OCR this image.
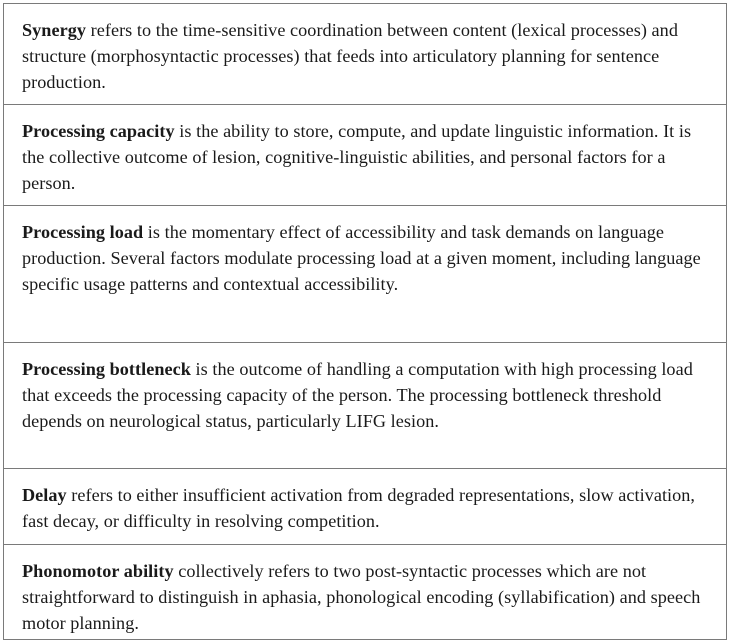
Synergy refers to the time-sensitive coordination between content (lexical processes) and structure (morphosyntactic processes) that feeds into articulatory planning for sentence production.
Processing capacity is the ability to store, compute, and update linguistic information. It is the collective outcome of lesion, cognitive-linguistic abilities, and personal factors for a person.
Processing load is the momentary effect of accessibility and task demands on language production. Several factors modulate processing load at a given moment, including language specific usage patterns and contextual accessibility.
Processing bottleneck is the outcome of handling a computation with high processing load that exceeds the processing capacity of the person. The processing bottleneck threshold depends on neurological status, particularly LIFG lesion.
Delay refers to either insufficient activation from degraded representations, slow activation, fast decay, or difficulty in resolving competition.
Phonomotor ability collectively refers to two post-syntactic processes which are not straightforward to distinguish in aphasia, phonological encoding (syllabification) and speech motor planning.
